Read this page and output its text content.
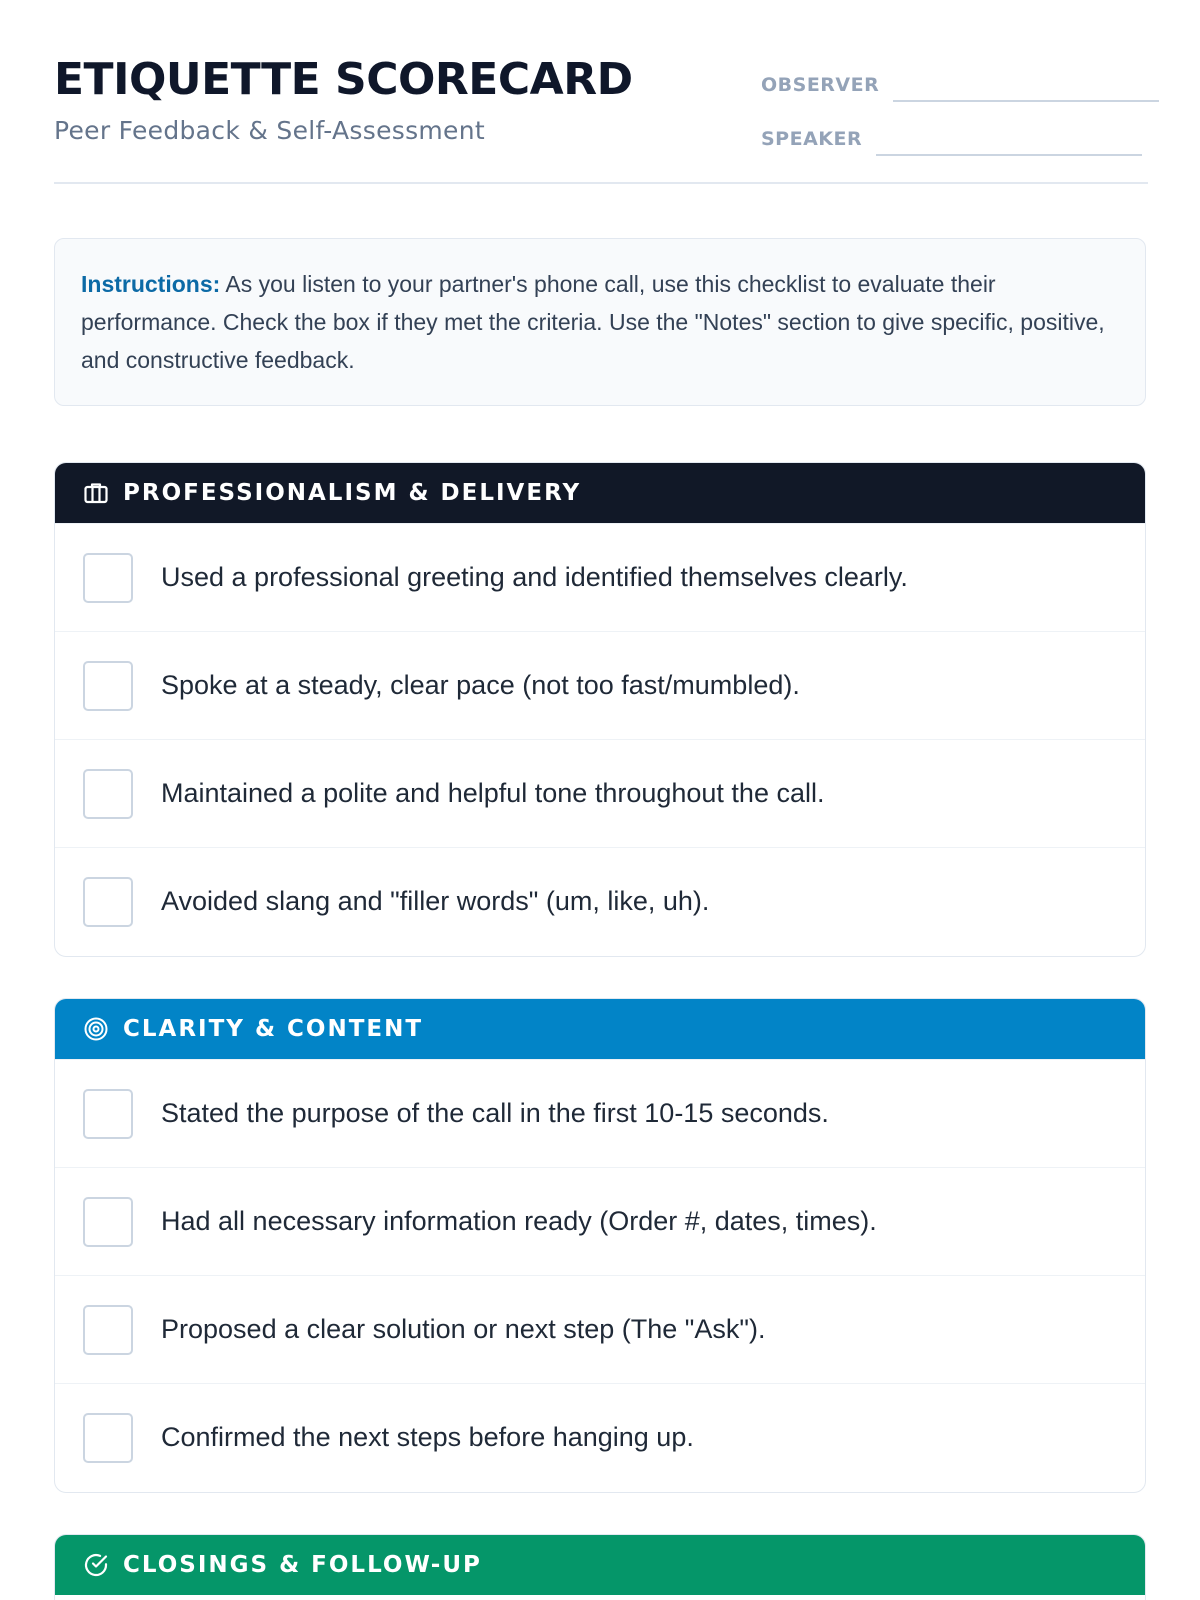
ETIQUETTE SCORECARD
Peer Feedback & Self-Assessment
OBSERVER
SPEAKER
Instructions: As you listen to your partner's phone call, use this checklist to evaluate their performance. Check the box if they met the criteria. Use the "Notes" section to give specific, positive, and constructive feedback.
PROFESSIONALISM & DELIVERY
Used a professional greeting and identified themselves clearly.
Spoke at a steady, clear pace (not too fast/mumbled).
Maintained a polite and helpful tone throughout the call.
Avoided slang and "filler words" (um, like, uh).
CLARITY & CONTENT
Stated the purpose of the call in the first 10-15 seconds.
Had all necessary information ready (Order #, dates, times).
Proposed a clear solution or next step (The "Ask").
Confirmed the next steps before hanging up.
CLOSINGS & FOLLOW-UP
